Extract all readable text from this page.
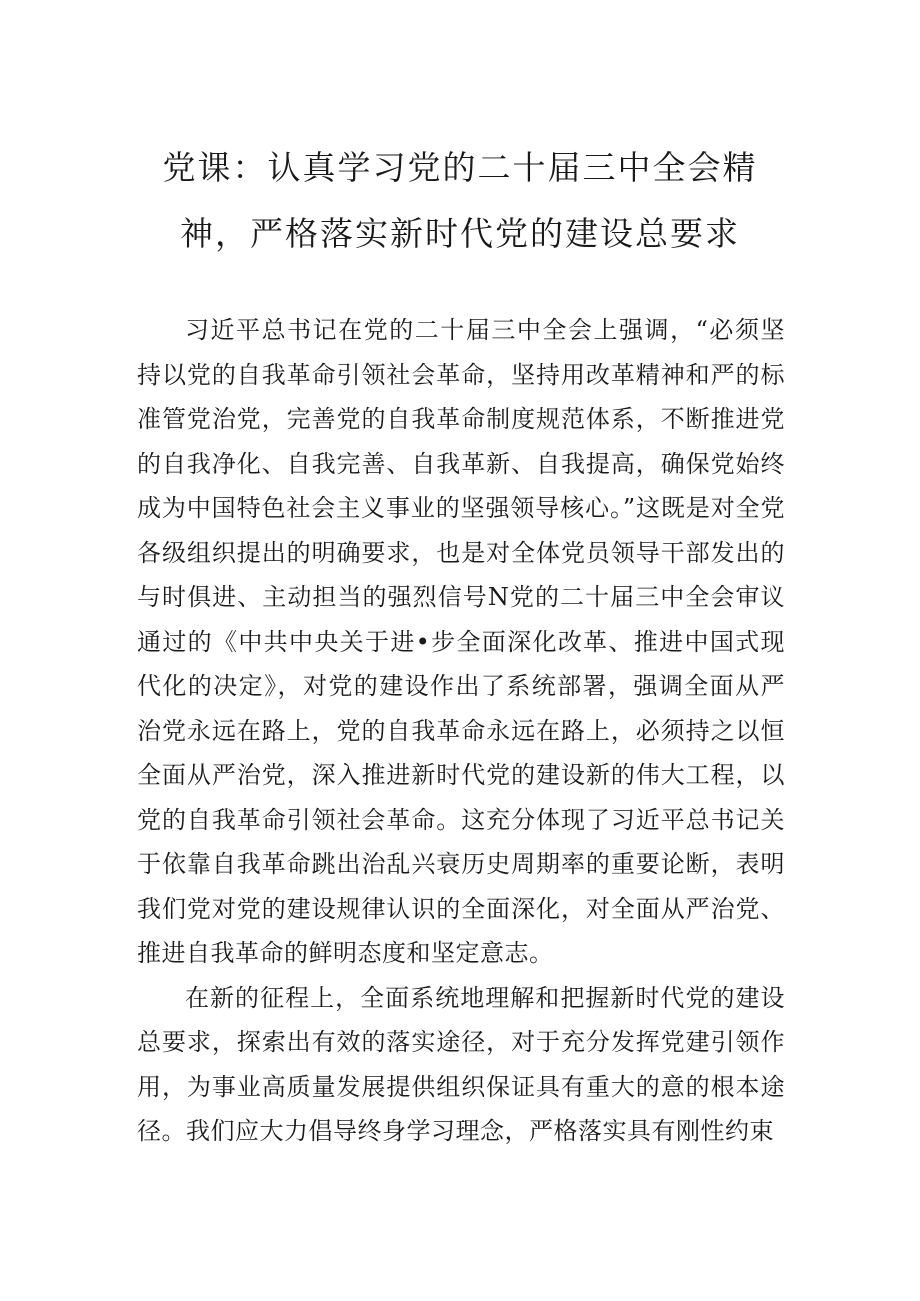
党课：认真学习党的二十届三中全会精
神，严格落实新时代党的建设总要求

习近平总书记在党的二十届三中全会上强调，“必须坚持以党的自我革命引领社会革命，坚持用改革精神和严的标准管党治党，完善党的自我革命制度规范体系，不断推进党的自我净化、自我完善、自我革新、自我提高，确保党始终成为中国特色社会主义事业的坚强领导核心。”这既是对全党各级组织提出的明确要求，也是对全体党员领导干部发出的与时俱进、主动担当的强烈信号N党的二十届三中全会审议通过的《中共中央关于进•步全面深化改革、推进中国式现代化的决定》，对党的建设作出了系统部署，强调全面从严治党永远在路上，党的自我革命永远在路上，必须持之以恒全面从严治党，深入推进新时代党的建设新的伟大工程，以党的自我革命引领社会革命。这充分体现了习近平总书记关于依靠自我革命跳出治乱兴衰历史周期率的重要论断，表明我们党对党的建设规律认识的全面深化，对全面从严治党、推进自我革命的鲜明态度和坚定意志。

在新的征程上，全面系统地理解和把握新时代党的建设总要求，探索出有效的落实途径，对于充分发挥党建引领作用，为事业高质量发展提供组织保证具有重大的意的根本途径。我们应大力倡导终身学习理念，严格落实具有刚性约束
